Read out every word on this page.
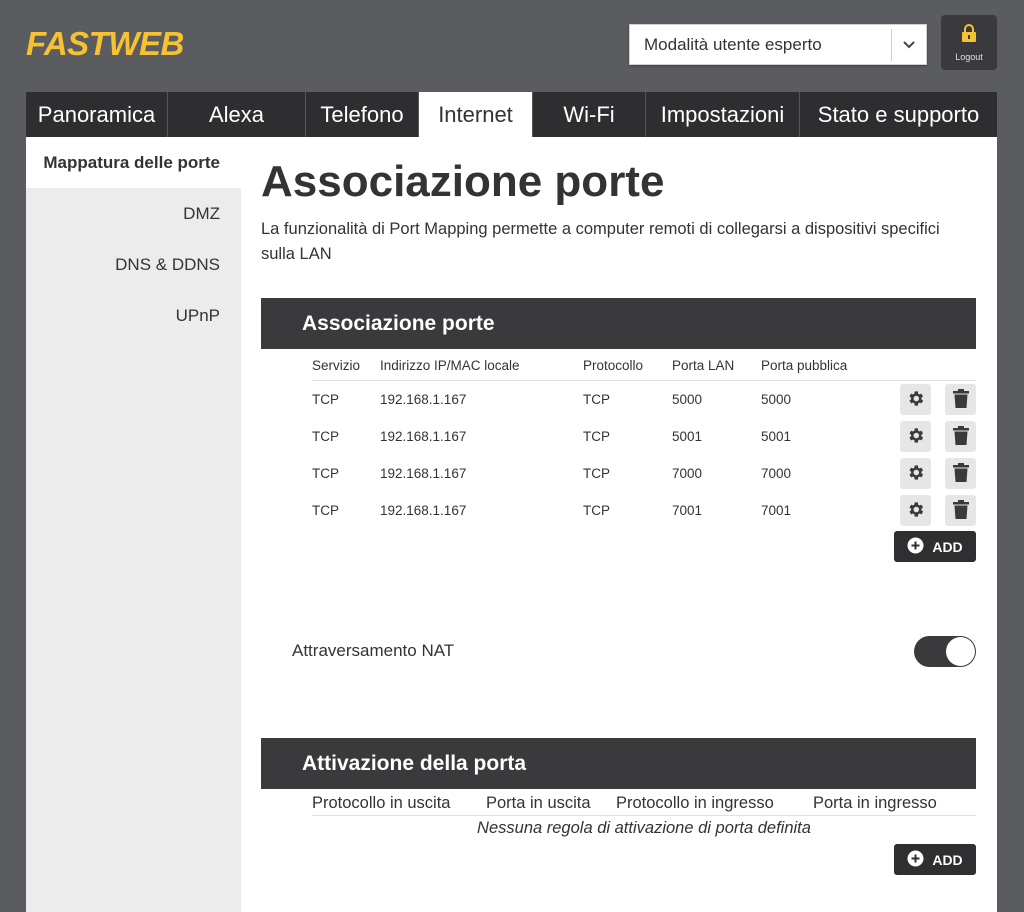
FASTWEB	Modalità utente esperto
Logout
Panoramica	Alexa	Telefono	Internet	Wi-Fi	Impostazioni	Stato e supporto
Mappatura delle porte
DMZ
DNS & DDNS
UPnP
Associazione porte

La funzionalità di Port Mapping permette a computer remoti di collegarsi a dispositivi specifici sulla LAN

Associazione porte
Servizio	Indirizzo IP/MAC locale	Protocollo	Porta LAN	Porta pubblica
TCP	192.168.1.167	TCP	5000	5000
TCP	192.168.1.167	TCP	5001	5001
TCP	192.168.1.167	TCP	7000	7000
TCP	192.168.1.167	TCP	7001	7001
ADD
Attraversamento NAT
Attivazione della porta
Protocollo in uscita	Porta in uscita	Protocollo in ingresso	Porta in ingresso
Nessuna regola di attivazione di porta definita
ADD
